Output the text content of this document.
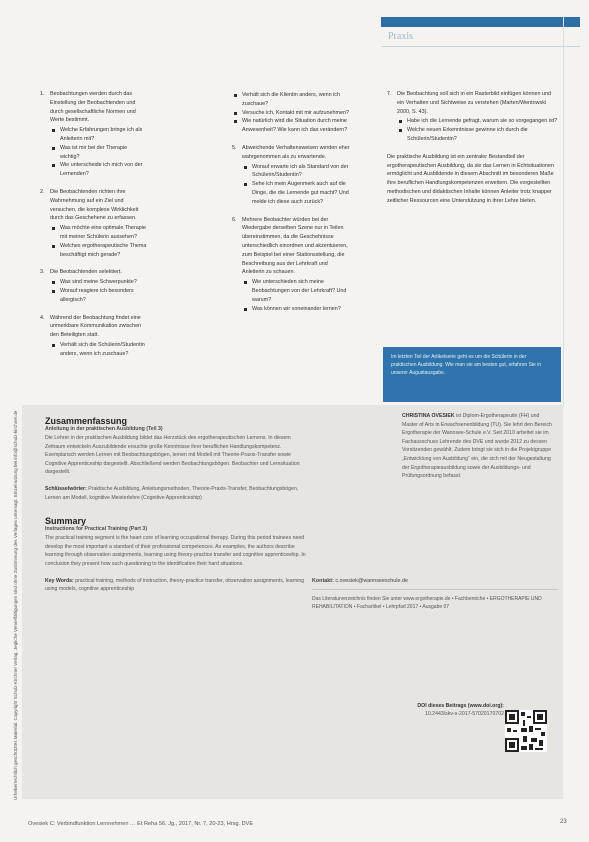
Urheberrechtlich geschütztes Material. Copyright Schulz-Kirchner Verlag. Jegliche Vervielfältigungen sind ohne Zustimmung des Verlages untersagt. Einzelnutzung bei info@schulz-kirchner.de
Praxis
1. Beobachtungen werden durch das Einstellung der Beobachtenden und durch gesellschaftliche Normen und Werte bestimmt.
Welche Erfahrungen bringe ich als Anleiterin mit?
Was ist mir bei der Therapie wichtig?
Wie unterscheide ich mich von der Lernenden?
2. Die Beobachtenden richten ihre Wahrnehmung auf ein Ziel und versuchen, die komplexe Wirklichkeit durch das Geschehene zu erfassen.
Was möchte eine optimale Therapie mit meiner Schülerin aussehen?
Welches ergotherapeutische Thema beschäftigt mich gerade?
3. Die Beobachtenden selektiert.
Was sind meine Schwerpunkte?
Worauf reagiere ich besonders allergisch?
4. Während der Beobachtung findet eine unmerkbare Kommunikation zwischen den Beteiligten statt.
Verhält sich die Schülerin/Studentin anders, wenn ich zuschaue?
Verhält sich die Klientin anders, wenn ich zuschaue?
Versuche ich, Kontakt mit mir aufzunehmen?
Wie natürlich wird die Situation durch meine Anwesenheit? Wie kann ich das verändern?
5. Abweichende Verhaltensweisen werden eher wahrgenommen als zu erwartende.
Worauf erwarte ich als Standard von der Schülerin/Studentin?
Sehe ich mein Augenmerk auch auf die Dinge, die die Lernende gut macht? Und melde ich diese auch zurück?
6. Mehrere Beobachter würden bei der Wiedergabe derselben Szene nur in Teilen übereinstimmen, da die Geschehnisse unterschiedlich einordnen und akzentuieren, zum Beispiel bei einer Stationsstellung, die Beschreibung aus der Lehrkraft und Anleiterin zu schauen.
Wie unterschieden sich meine Beobachtungen von der Lehrkraft? Und warum?
Was können wir voneinander lernen?
7. Die Beobachtung soll sich in ein Rasterbild einfügen können und ein Verhalten und Sichtweise zu verstehen (Marten/Wentowski 2000, S. 43).
Habe ich die Lernende gefragt, warum sie so vorgegangen ist?
Welche neuen Erkenntnisse gewinne ich durch die Schülerin/Studentin?

Die praktische Ausbildung ist ein zentraler Bestandteil der ergotherapeutischen Ausbildung, da sie das Lernen in Echtsituationen ermöglicht und Ausbildende in diesem Abschnitt im besonderen Maße ihre beruflichen Handlungskompetenzen erweitern. Die vorgestellten methodischen und didaktischen Inhalte können Anleiter trotz knapper zeitlicher Ressourcen eine Unterstützung in ihrer Lehre bieten.

Im letzten Teil der Artikelserie geht es um die Schülerin in der praktischen Ausbildung. Wie man sie am besten gut, erfahren Sie in unserer Augustausgabe.
Zusammenfassung
Anleitung in der praktischen Ausbildung (Teil 3)
Die Lehrer in der praktischen Ausbildung bildet das Herzstück des ergotherapeutischen Lernens. In diesem Zeitraum entwickeln Auszubildende ersuchte große Kenntnisse ihrer beruflichen Handlungskompetenz. Exemplarisch werden Lernen mit Beobachtungsbögen, lernen mit Modell mit Theorie-Praxis-Transfer sowie Cognitive Apprenticeship dargestellt. Abschließend werden Beobachtungsbögen. Beobachter und Lernsituation dargestellt.
Schlüsselwörter: Praktische Ausbildung, Anleitungsmethoden, Theorie-Praxis-Transfer, Beobachtungsbögen, Lernen am Modell, kognitive Meisterlehre (Cognitive Apprenticeship)
Summary
Instructions for Practical Training (Part 3)
The practical training segment is the heart core of learning occupational therapy. During this period trainees need develop the most important a standard of their professional competences. As examples, the authors describe learning through observation assignments, learning using theory-practice transfer and cognitive apprenticeship. In conclusion they present how such questioning to the identification their hard situations.
Key Words: practical training, methods of instruction, theory-practice transfer, observation assignments, learning using models, cognitive apprenticeship
CHRISTINA OVESIEK ist Diplom-Ergotherapeutin (FH) und Master of Arts in Erwachsenenbildung (TU). Sie lehrt den Bereich Ergotherapie der Wannsee-Schule e.V. Seit 2010 arbeitet sie im Fachausschuss Lehrende des DVE und wurde 2012 zu dessen Vorsitzenden gewählt. Zudem bringt sie sich in die Projektgruppe „Entwicklung von Ausbildung“ ein, die sich mit der Neugestaltung der Ergotherapieausbildung sowie der Ausbildungs- und Prüfungsordnung befasst.
Kontakt: c.ovesiek@wannseeschule.de
Das Literaturverzeichnis finden Sie unter www.ergotherapie.de • Fachbereiche • ERGOTHERAPIE UND REHABILITATION • Fachartikel • Lehrpfad 2017 • Ausgabe 07
DOI dieses Beitrags (www.doi.org):
10.2443/skv-s-2017-57020170702
Ovesiek C: Verbindfunktion Lernnehmen … Et Reha 56. Jg., 2017, Nr. 7, 20-23, Hrsg. DVE	23
